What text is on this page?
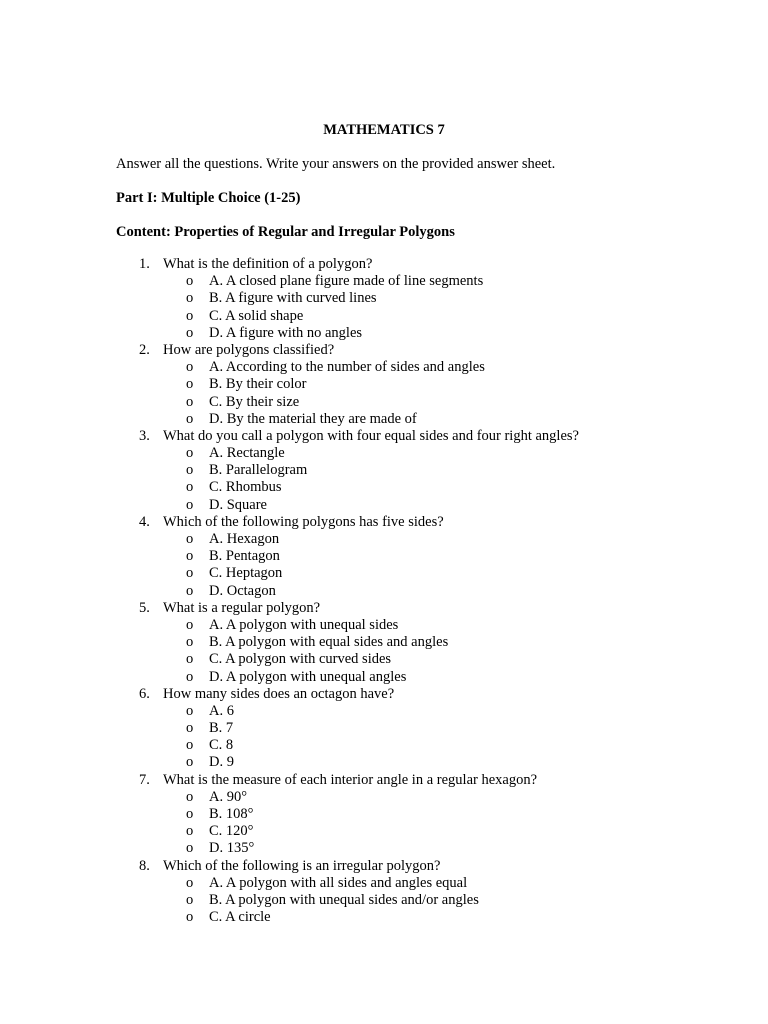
MATHEMATICS 7
Answer all the questions. Write your answers on the provided answer sheet.
Part I: Multiple Choice (1-25)
Content: Properties of Regular and Irregular Polygons
1. What is the definition of a polygon?
o A. A closed plane figure made of line segments
o B. A figure with curved lines
o C. A solid shape
o D. A figure with no angles
2. How are polygons classified?
o A. According to the number of sides and angles
o B. By their color
o C. By their size
o D. By the material they are made of
3. What do you call a polygon with four equal sides and four right angles?
o A. Rectangle
o B. Parallelogram
o C. Rhombus
o D. Square
4. Which of the following polygons has five sides?
o A. Hexagon
o B. Pentagon
o C. Heptagon
o D. Octagon
5. What is a regular polygon?
o A. A polygon with unequal sides
o B. A polygon with equal sides and angles
o C. A polygon with curved sides
o D. A polygon with unequal angles
6. How many sides does an octagon have?
o A. 6
o B. 7
o C. 8
o D. 9
7. What is the measure of each interior angle in a regular hexagon?
o A. 90°
o B. 108°
o C. 120°
o D. 135°
8. Which of the following is an irregular polygon?
o A. A polygon with all sides and angles equal
o B. A polygon with unequal sides and/or angles
o C. A circle
